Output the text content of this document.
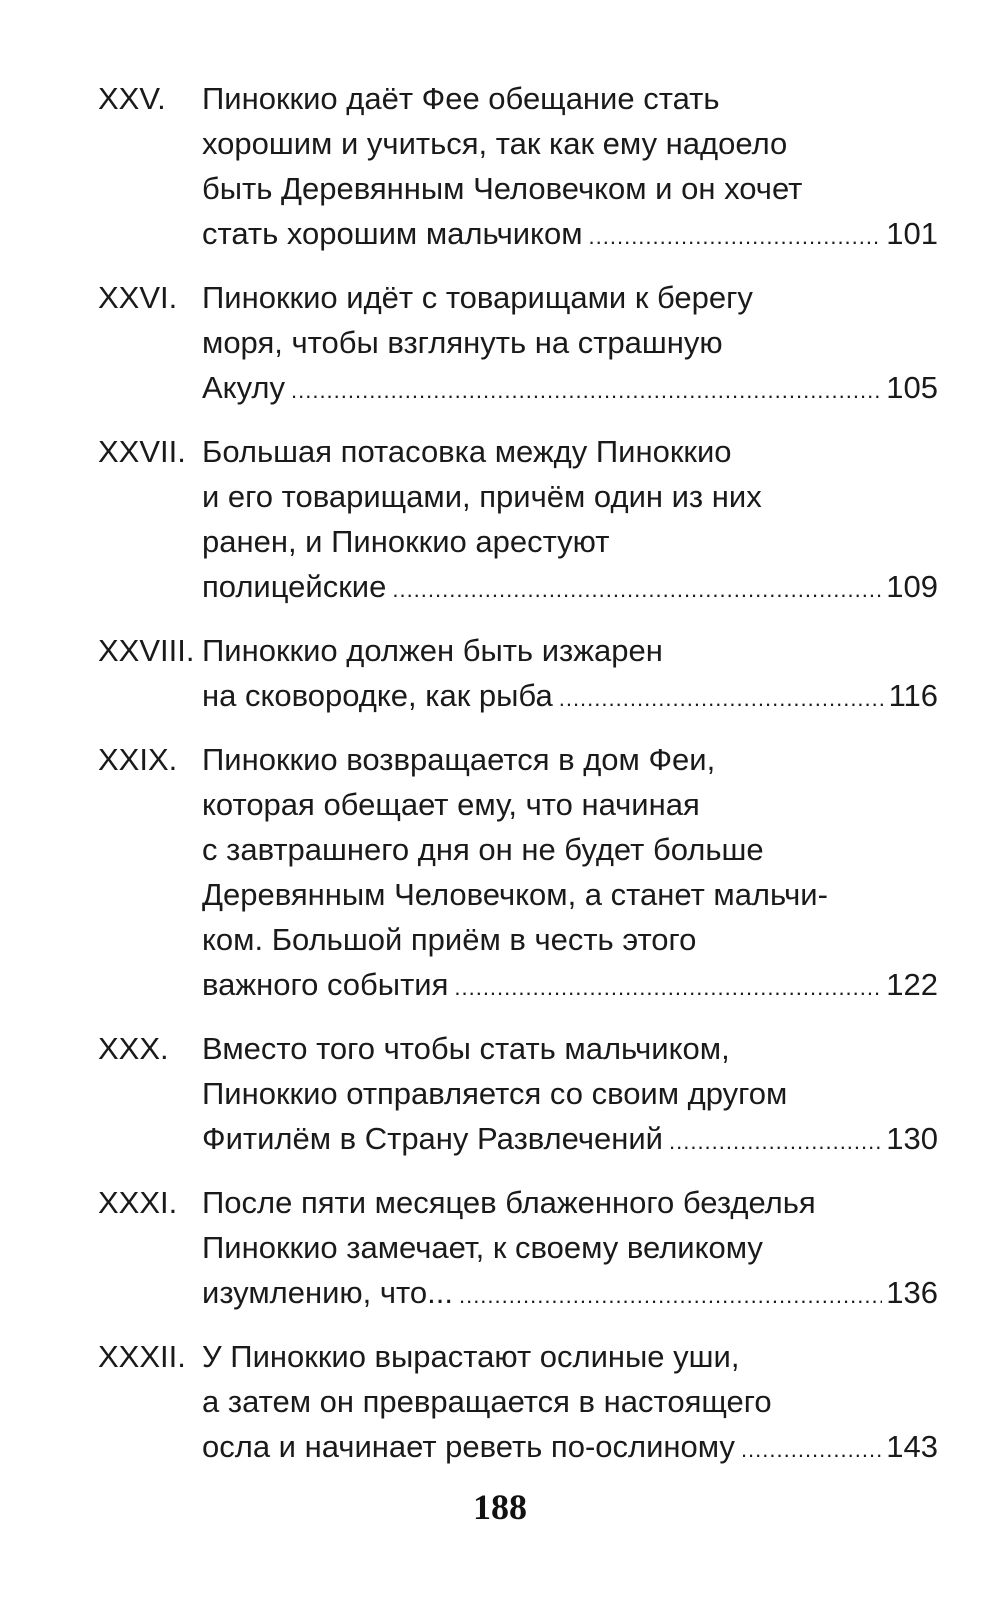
XXV. Пиноккио даёт Фее обещание стать
хорошим и учиться, так как ему надоело
быть Деревянным Человечком и он хочет
стать хорошим мальчиком .....	101
XXVI. Пиноккио идёт с товарищами к берегу
моря, чтобы взглянуть на страшную
Акулу .....	105
XXVII. Большая потасовка между Пиноккио
и его товарищами, причём один из них
ранен, и Пиноккио арестуют
полицейские .....	109
XXVIII. Пиноккио должен быть изжарен
на сковородке, как рыба .....	116
XXIX. Пиноккио возвращается в дом Феи,
которая обещает ему, что начиная
с завтрашнего дня он не будет больше
Деревянным Человечком, а станет мальчи-
ком. Большой приём в честь этого
важного события .....	122
XXX. Вместо того чтобы стать мальчиком,
Пиноккио отправляется со своим другом
Фитилём в Страну Развлечений .....	130
XXXI. После пяти месяцев блаженного безделья
Пиноккио замечает, к своему великому
изумлению, что... .....	136
XXXII. У Пиноккио вырастают ослиные уши,
а затем он превращается в настоящего
осла и начинает реветь по-ослиному .....	143
188
